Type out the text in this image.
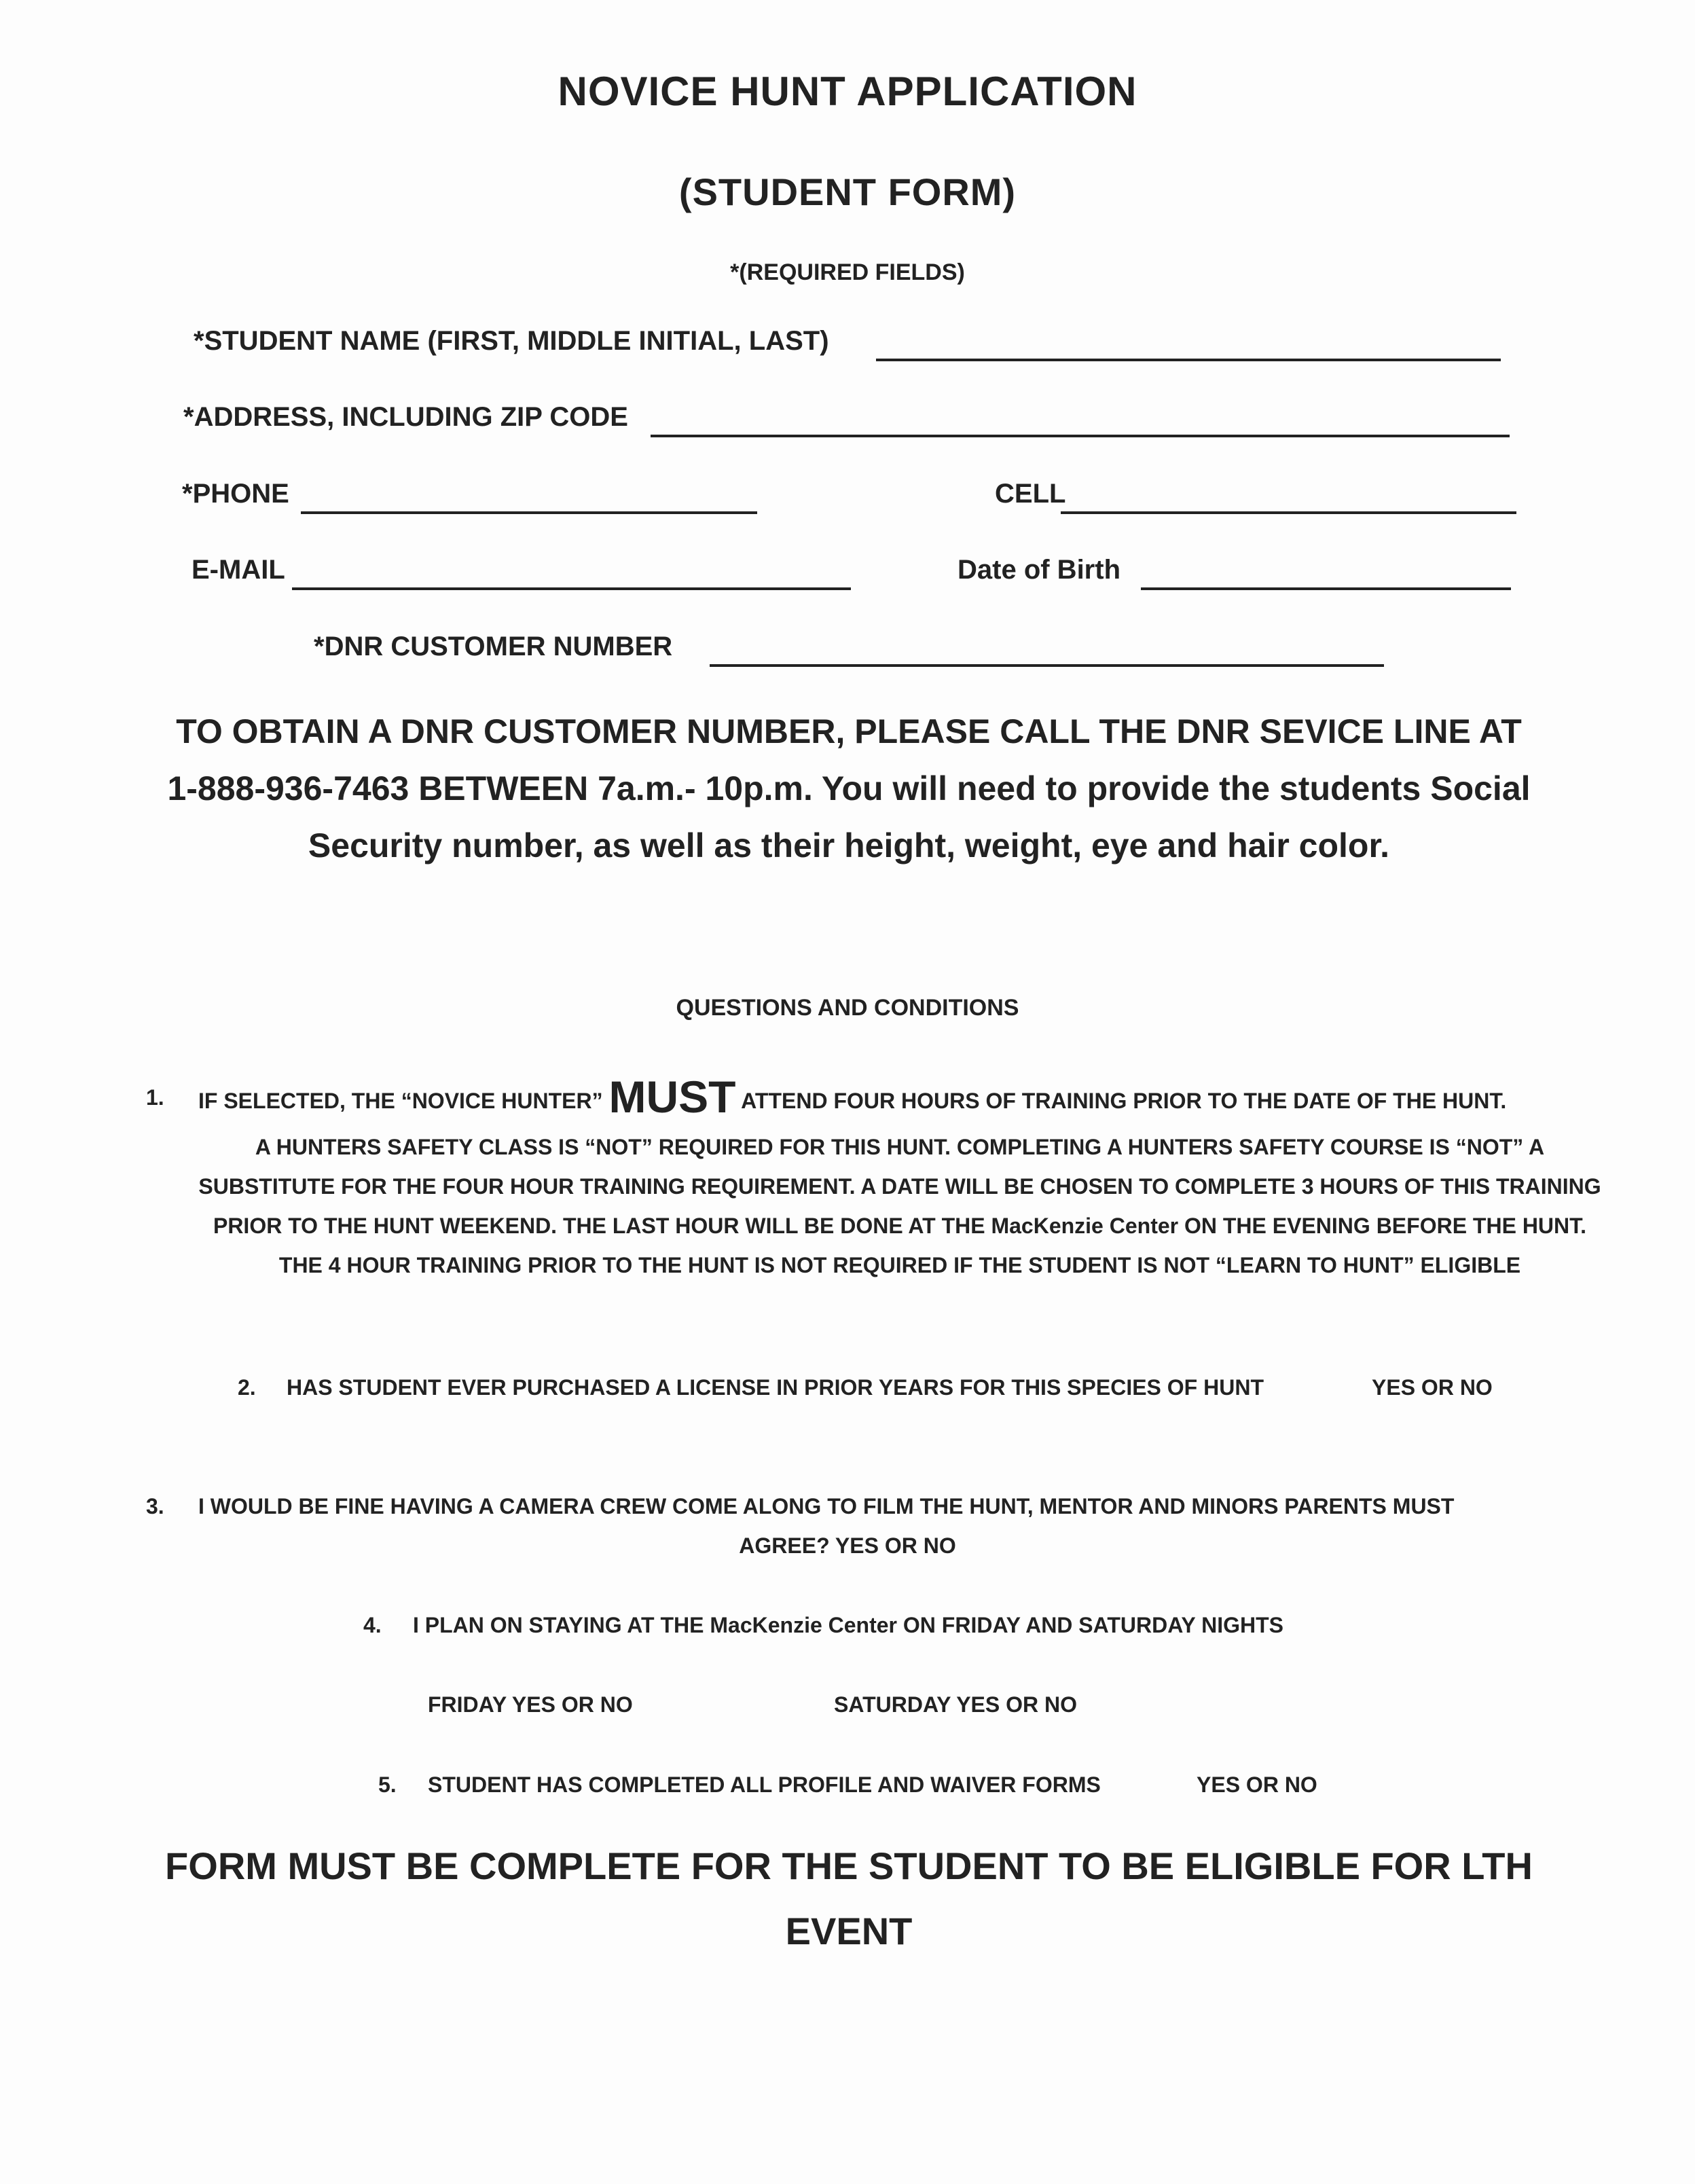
NOVICE HUNT APPLICATION
(STUDENT FORM)
*(REQUIRED FIELDS)
*STUDENT NAME (FIRST, MIDDLE INITIAL, LAST)
*ADDRESS, INCLUDING ZIP CODE
*PHONE	CELL
E-MAIL	Date of Birth
*DNR CUSTOMER NUMBER
TO OBTAIN A DNR CUSTOMER NUMBER, PLEASE CALL THE DNR SEVICE LINE AT
1-888-936-7463 BETWEEN 7a.m.- 10p.m. You will need to provide the students Social
Security number, as well as their height, weight, eye and hair color.
QUESTIONS AND CONDITIONS
1. IF SELECTED, THE “NOVICE HUNTER” MUST ATTEND FOUR HOURS OF TRAINING PRIOR TO THE DATE OF THE HUNT.
A HUNTERS SAFETY CLASS IS “NOT” REQUIRED FOR THIS HUNT. COMPLETING A HUNTERS SAFETY COURSE IS “NOT” A SUBSTITUTE FOR THE FOUR HOUR TRAINING REQUIREMENT. A DATE WILL BE CHOSEN TO COMPLETE 3 HOURS OF THIS TRAINING PRIOR TO THE HUNT WEEKEND. THE LAST HOUR WILL BE DONE AT THE MacKenzie Center ON THE EVENING BEFORE THE HUNT. THE 4 HOUR TRAINING PRIOR TO THE HUNT IS NOT REQUIRED IF THE STUDENT IS NOT “LEARN TO HUNT” ELIGIBLE
2. HAS STUDENT EVER PURCHASED A LICENSE IN PRIOR YEARS FOR THIS SPECIES OF HUNT	YES OR NO
3. I WOULD BE FINE HAVING A CAMERA CREW COME ALONG TO FILM THE HUNT, MENTOR AND MINORS PARENTS MUST
AGREE? YES OR NO
4. I PLAN ON STAYING AT THE MacKenzie Center ON FRIDAY AND SATURDAY NIGHTS
FRIDAY YES OR NO	SATURDAY YES OR NO
5. STUDENT HAS COMPLETED ALL PROFILE AND WAIVER FORMS	YES OR NO
FORM MUST BE COMPLETE FOR THE STUDENT TO BE ELIGIBLE FOR LTH
EVENT
